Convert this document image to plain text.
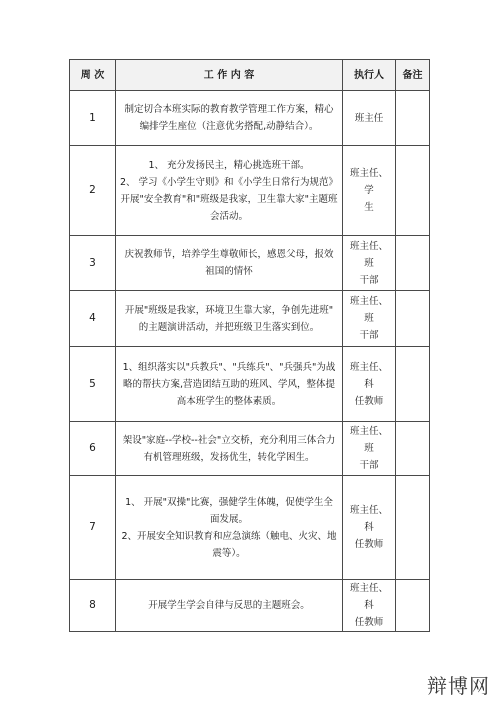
周 次	工 作 内 容	执行人	备注
1	制定切合本班实际的教育教学管理工作方案，精心
编排学生座位（注意优劣搭配,动静结合）。	班主任	

2	1、 充分发扬民主，精心挑选班干部。
2、 学习《小学生守则》和《小学生日常行为规范》
开展"安全教育"和"班级是我家，卫生靠大家"主题班
会活动。	班主任、学
生	

3	庆祝教师节，培养学生尊敬师长，感恩父母，报效
祖国的情怀	班主任、班
干部	

4	开展"班级是我家，环境卫生靠大家，争创先进班"
的主题演讲活动，并把班级卫生落实到位。	班主任、班
干部	

5	1、组织落实以"兵教兵"、"兵练兵"、"兵强兵"为战
略的帮扶方案,营造团结互助的班风、学风，整体提
高本班学生的整体素质。	班主任、科
任教师	

6	架设"家庭--学校--社会"立交桥，充分利用三体合力
有机管理班级，发扬优生，转化学困生。	班主任、班
干部	

7	1、 开展"双操"比赛，强健学生体魄，促使学生全
面发展。
2、开展安全知识教育和应急演练（触电、火灾、地
震等）。	班主任、科
任教师	

8	开展学生学会自律与反思的主题班会。	班主任、科
任教师	

辩博网
